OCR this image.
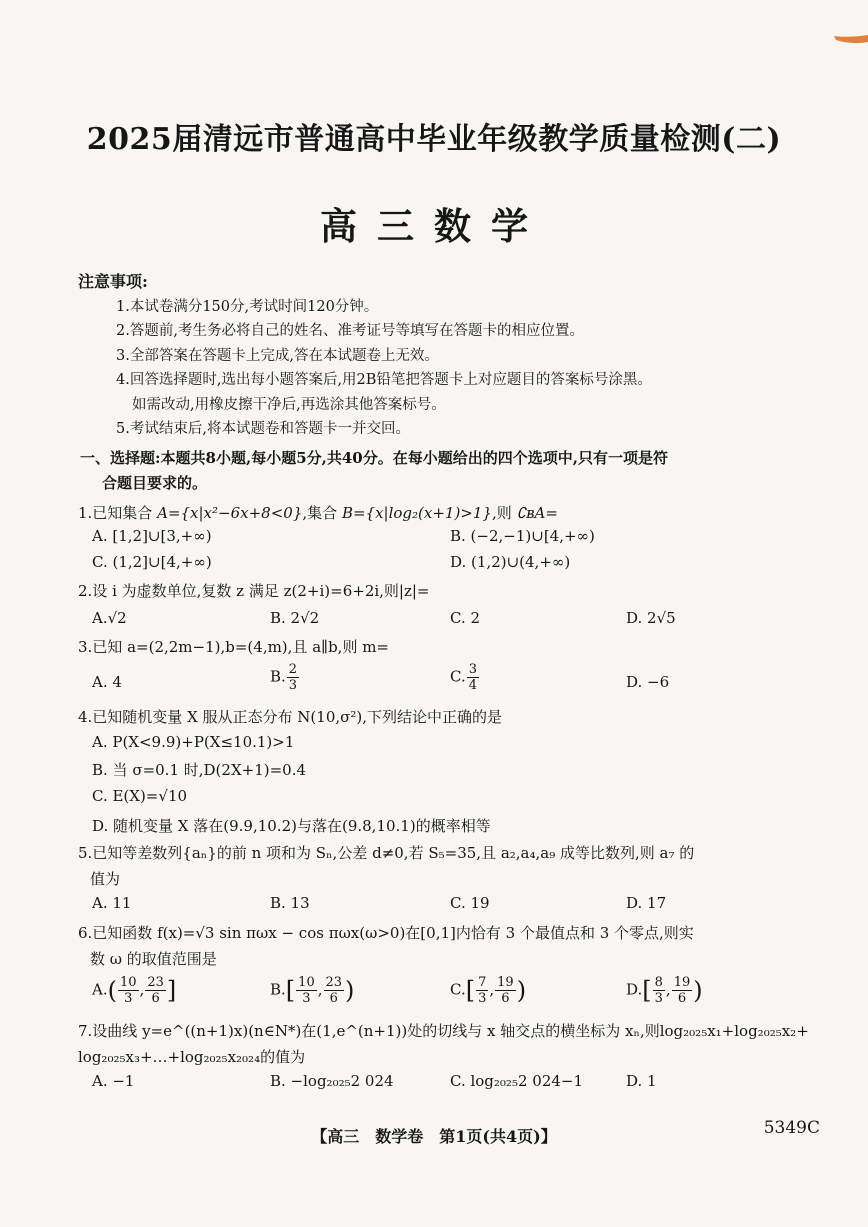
2025届清远市普通高中毕业年级教学质量检测(二)
高三数学
注意事项:
1.本试卷满分150分,考试时间120分钟。
2.答题前,考生务必将自己的姓名、准考证号等填写在答题卡的相应位置。
3.全部答案在答题卡上完成,答在本试题卷上无效。
4.回答选择题时,选出每小题答案后,用2B铅笔把答题卡上对应题目的答案标号涂黑。
如需改动,用橡皮擦干净后,再选涂其他答案标号。
5.考试结束后,将本试题卷和答题卡一并交回。
一、选择题:本题共8小题,每小题5分,共40分。在每小题给出的四个选项中,只有一项是符
合题目要求的。
1.已知集合 A={x|x²−6x+8<0},集合 B={x|log₂(x+1)>1},则 ∁ʙA=
A. [1,2]∪[3,+∞)	B. (−2,−1)∪[4,+∞)
C. (1,2]∪[4,+∞)	D. (1,2)∪(4,+∞)
2.设 i 为虚数单位,复数 z 满足 z(2+i)=6+2i,则|z|=
A.√2	B. 2√2	C. 2	D. 2√5
3.已知 a=(2,2m−1),b=(4,m),且 a∥b,则 m=
A. 4	B. $\frac{2}{3}$	C. $\frac{3}{4}$	D. −6
4.已知随机变量 X 服从正态分布 N(10,σ²),下列结论中正确的是
A. P(X<9.9)+P(X≤10.1)>1
B. 当 σ=0.1 时,D(2X+1)=0.4
C. E(X)=√10
D. 随机变量 X 落在(9.9,10.2)与落在(9.8,10.1)的概率相等
5.已知等差数列{aₙ}的前 n 项和为 Sₙ,公差 d≠0,若 S₅=35,且 a₂,a₄,a₉ 成等比数列,则 a₇ 的
值为
A. 11	B. 13	C. 19	D. 17
6.已知函数 f(x)=√3 sin πωx − cos πωx(ω>0)在[0,1]内恰有 3 个最值点和 3 个零点,则实
数 ω 的取值范围是
$A.( \frac{10}{3}$ , $\frac{23}{6}$ ]	$B.[ \frac{10}{3}$ , $\frac{23}{6}$ )	$C.[ \frac{7}{3}$ , $\frac{19}{6}$ )	$D.[ \frac{8}{3}$ , $\frac{19}{6}$ )
7.设曲线 y=e^((n+1)x)(n∈N*)在(1,e^(n+1))处的切线与 x 轴交点的横坐标为 xₙ,则log₂₀₂₅x₁+log₂₀₂₅x₂+
log₂₀₂₅x₃+…+log₂₀₂₅x₂₀₂₄的值为
A. −1	B. −log₂₀₂₅2 024	C. log₂₀₂₅2 024−1	D. 1
【高三　数学卷　第1页(共4页)】	5349C
